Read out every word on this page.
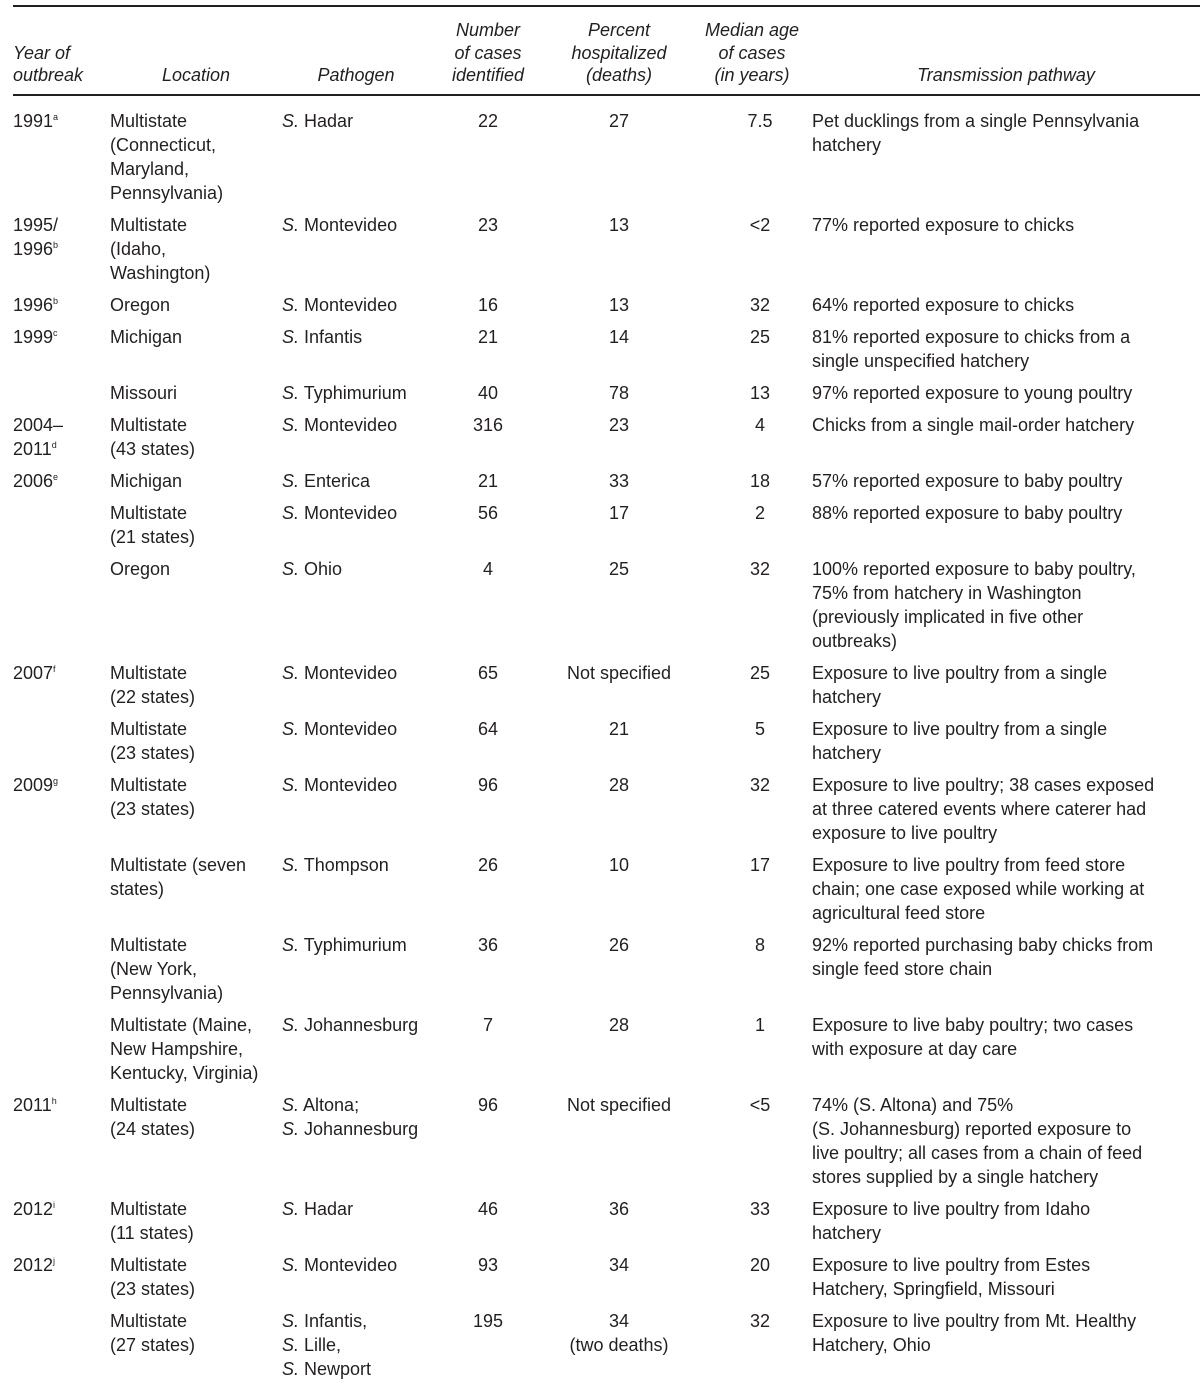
Year of
outbreak	Location	Pathogen	Number
of cases
identified	Percent
hospitalized
(deaths)	Median age
of cases
(in years)	Transmission pathway

1991$^a$	Multistate
(Connecticut,
Maryland,
Pennsylvania)	S. Hadar	22	27	7.5	Pet ducklings from a single Pennsylvania
hatchery

1995/
1996$^b$	Multistate
(Idaho,
Washington)	S. Montevideo	23	13	<2	77% reported exposure to chicks

1996$^b$	Oregon	S. Montevideo	16	13	32	64% reported exposure to chicks

1999$^c$	Michigan	S. Infantis	21	14	25	81% reported exposure to chicks from a
single unspecified hatchery

	Missouri	S. Typhimurium	40	78	13	97% reported exposure to young poultry

2004–
2011$^d$	Multistate
(43 states)	S. Montevideo	316	23	4	Chicks from a single mail-order hatchery

2006e	Michigan	S. Enterica	21	33	18	57% reported exposure to baby poultry

	Multistate
(21 states)	S. Montevideo	56	17	2	88% reported exposure to baby poultry

	Oregon	S. Ohio	4	25	32	100% reported exposure to baby poultry,
75% from hatchery in Washington
(previously implicated in five other
outbreaks)

2007$^f$	Multistate
(22 states)	S. Montevideo	65	Not specified	25	Exposure to live poultry from a single
hatchery

	Multistate
(23 states)	S. Montevideo	64	21	5	Exposure to live poultry from a single
hatchery

2009$^g$	Multistate
(23 states)	S. Montevideo	96	28	32	Exposure to live poultry; 38 cases exposed
at three catered events where caterer had
exposure to live poultry

	Multistate (seven
states)	S. Thompson	26	10	17	Exposure to live poultry from feed store
chain; one case exposed while working at
agricultural feed store

	Multistate
(New York,
Pennsylvania)	S. Typhimurium	36	26	8	92% reported purchasing baby chicks from
single feed store chain

	Multistate (Maine,
New Hampshire,
Kentucky, Virginia)	S. Johannesburg	7	28	1	Exposure to live baby poultry; two cases
with exposure at day care

2011$^h$	Multistate
(24 states)	S. Altona;
S. Johannesburg	96	Not specified	<5	74% (S. Altona) and 75%
(S. Johannesburg) reported exposure to
live poultry; all cases from a chain of feed
stores supplied by a single hatchery

2012$^i$	Multistate
(11 states)	S. Hadar	46	36	33	Exposure to live poultry from Idaho
hatchery

2012$^j$	Multistate
(23 states)	S. Montevideo	93	34	20	Exposure to live poultry from Estes
Hatchery, Springfield, Missouri

	Multistate
(27 states)	S. Infantis,
S. Lille,
S. Newport	195	34
(two deaths)	32	Exposure to live poultry from Mt. Healthy
Hatchery, Ohio
